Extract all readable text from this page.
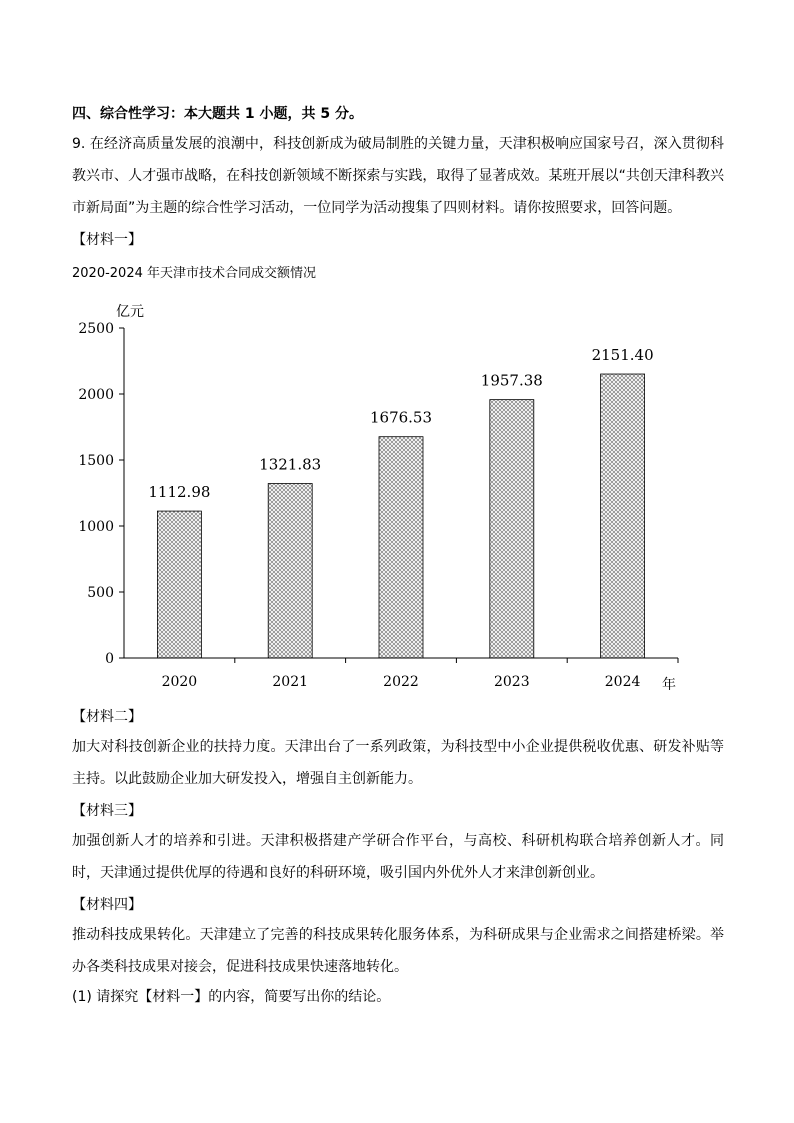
四、综合性学习：本大题共 1 小题，共 5 分。
9. 在经济高质量发展的浪潮中，科技创新成为破局制胜的关键力量，天津积极响应国家号召，深入贯彻科教兴市、人才强市战略，在科技创新领域不断探索与实践，取得了显著成效。某班开展以“共创天津科教兴市新局面”为主题的综合性学习活动，一位同学为活动搜集了四则材料。请你按照要求，回答问题。
【材料一】
2020-2024 年天津市技术合同成交额情况
亿元
年
0
500
1000
1500
2000
2500
1112.98
2020
1321.83
2021
1676.53
2022
1957.38
2023
2151.40
2024
【材料二】
加大对科技创新企业的扶持力度。天津出台了一系列政策，为科技型中小企业提供税收优惠、研发补贴等主持。以此鼓励企业加大研发投入，增强自主创新能力。
【材料三】
加强创新人才的培养和引进。天津积极搭建产学研合作平台，与高校、科研机构联合培养创新人才。同时，天津通过提供优厚的待遇和良好的科研环境，吸引国内外优外人才来津创新创业。
【材料四】
推动科技成果转化。天津建立了完善的科技成果转化服务体系，为科研成果与企业需求之间搭建桥梁。举办各类科技成果对接会，促进科技成果快速落地转化。
(1) 请探究【材料一】的内容，简要写出你的结论。
